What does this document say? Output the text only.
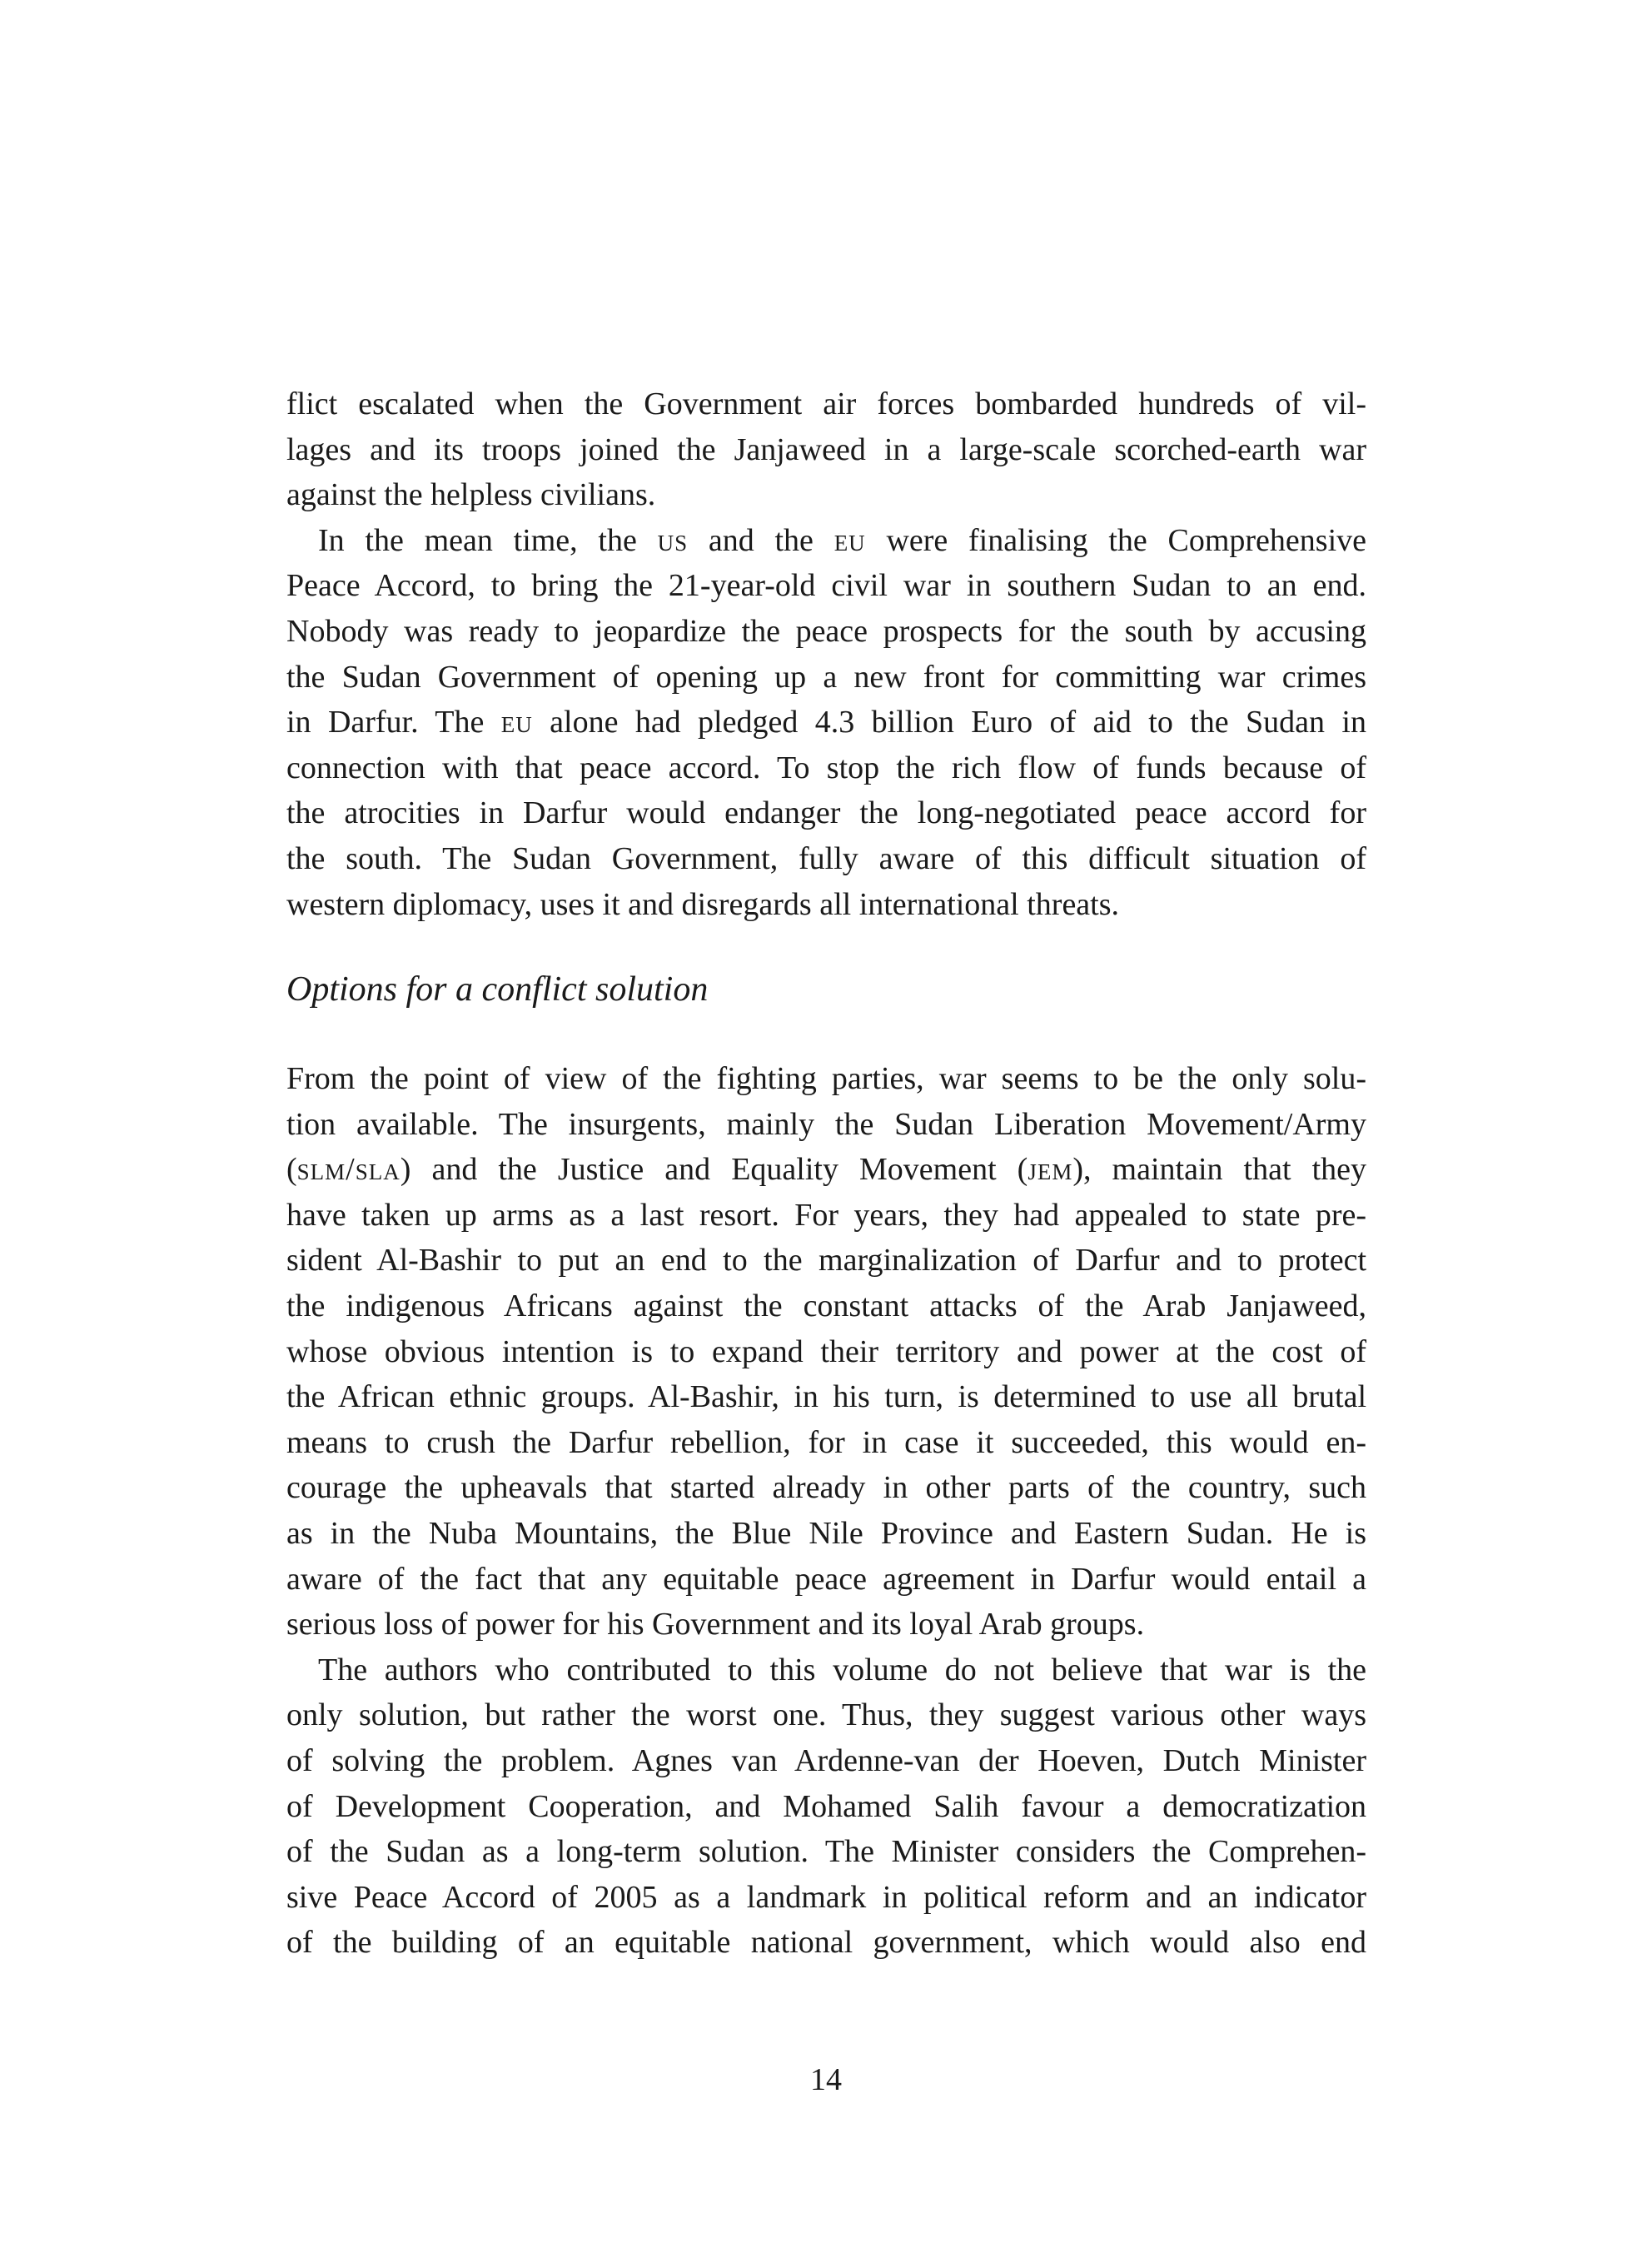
flict escalated when the Government air forces bombarded hundreds of vil-
lages and its troops joined the Janjaweed in a large-scale scorched-earth war
against the helpless civilians.
In the mean time, the us and the eu were finalising the Comprehensive
Peace Accord, to bring the 21-year-old civil war in southern Sudan to an end.
Nobody was ready to jeopardize the peace prospects for the south by accusing
the Sudan Government of opening up a new front for committing war crimes
in Darfur. The eu alone had pledged 4.3 billion Euro of aid to the Sudan in
connection with that peace accord. To stop the rich flow of funds because of
the atrocities in Darfur would endanger the long-negotiated peace accord for
the south. The Sudan Government, fully aware of this difficult situation of
western diplomacy, uses it and disregards all international threats.
Options for a conflict solution
From the point of view of the fighting parties, war seems to be the only solu-
tion available. The insurgents, mainly the Sudan Liberation Movement/Army
(slm/sla) and the Justice and Equality Movement (jem), maintain that they
have taken up arms as a last resort. For years, they had appealed to state pre-
sident Al-Bashir to put an end to the marginalization of Darfur and to protect
the indigenous Africans against the constant attacks of the Arab Janjaweed,
whose obvious intention is to expand their territory and power at the cost of
the African ethnic groups. Al-Bashir, in his turn, is determined to use all brutal
means to crush the Darfur rebellion, for in case it succeeded, this would en-
courage the upheavals that started already in other parts of the country, such
as in the Nuba Mountains, the Blue Nile Province and Eastern Sudan. He is
aware of the fact that any equitable peace agreement in Darfur would entail a
serious loss of power for his Government and its loyal Arab groups.
The authors who contributed to this volume do not believe that war is the
only solution, but rather the worst one. Thus, they suggest various other ways
of solving the problem. Agnes van Ardenne-van der Hoeven, Dutch Minister
of Development Cooperation, and Mohamed Salih favour a democratization
of the Sudan as a long-term solution. The Minister considers the Comprehen-
sive Peace Accord of 2005 as a landmark in political reform and an indicator
of the building of an equitable national government, which would also end
14
